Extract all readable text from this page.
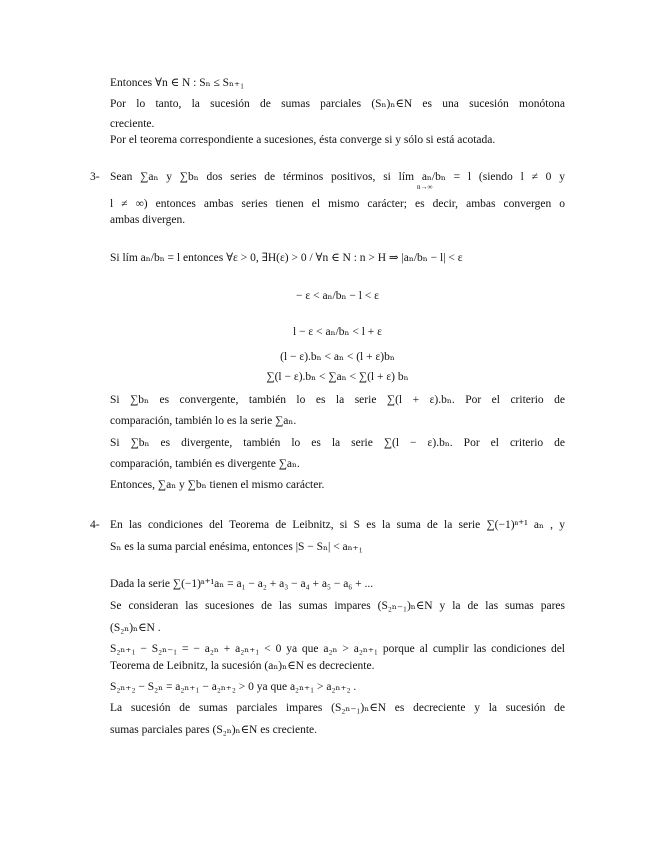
Entonces ∀n ∈ N : Sₙ ≤ Sₙ₊₁
Por lo tanto, la sucesión de sumas parciales (Sₙ)ₙ∈N es una sucesión monótona
creciente.
Por el teorema correspondiente a sucesiones, ésta converge si y sólo si está acotada.
3- Sean ∑aₙ y ∑bₙ dos series de términos positivos, si lím aₙ/bₙ = l (siendo l ≠ 0 y
n→∞
l ≠ ∞) entonces ambas series tienen el mismo carácter; es decir, ambas convergen o
ambas divergen.
Si lím aₙ/bₙ = l entonces ∀ε > 0, ∃H(ε) > 0 / ∀n ∈ N : n > H ⇒ |aₙ/bₙ − l| < ε
− ε < aₙ/bₙ − l < ε
l − ε < aₙ/bₙ < l + ε
(l − ε).bₙ < aₙ < (l + ε)bₙ
∑(l − ε).bₙ < ∑aₙ < ∑(l + ε) bₙ
Si ∑bₙ es convergente, también lo es la serie ∑(l + ε).bₙ. Por el criterio de
comparación, también lo es la serie ∑aₙ.
Si ∑bₙ es divergente, también lo es la serie ∑(l − ε).bₙ. Por el criterio de
comparación, también es divergente ∑aₙ.
Entonces, ∑aₙ y ∑bₙ tienen el mismo carácter.
4- En las condiciones del Teorema de Leibnitz, si S es la suma de la serie ∑(−1)ⁿ⁺¹ aₙ , y
Sₙ es la suma parcial enésima, entonces |S − Sₙ| < aₙ₊₁
Dada la serie ∑(−1)ⁿ⁺¹aₙ = a₁ − a₂ + a₃ − a₄ + a₅ − a₆ + ...
Se consideran las sucesiones de las sumas impares (S₂ₙ₋₁)ₙ∈N y la de las sumas pares
(S₂ₙ)ₙ∈N .
S₂ₙ₊₁ − S₂ₙ₋₁ = − a₂ₙ + a₂ₙ₊₁ < 0 ya que a₂ₙ > a₂ₙ₊₁ porque al cumplir las condiciones del
Teorema de Leibnitz, la sucesión (aₙ)ₙ∈N es decreciente.
S₂ₙ₊₂ − S₂ₙ = a₂ₙ₊₁ − a₂ₙ₊₂ > 0 ya que a₂ₙ₊₁ > a₂ₙ₊₂ .
La sucesión de sumas parciales impares (S₂ₙ₋₁)ₙ∈N es decreciente y la sucesión de
sumas parciales pares (S₂ₙ)ₙ∈N es creciente.
